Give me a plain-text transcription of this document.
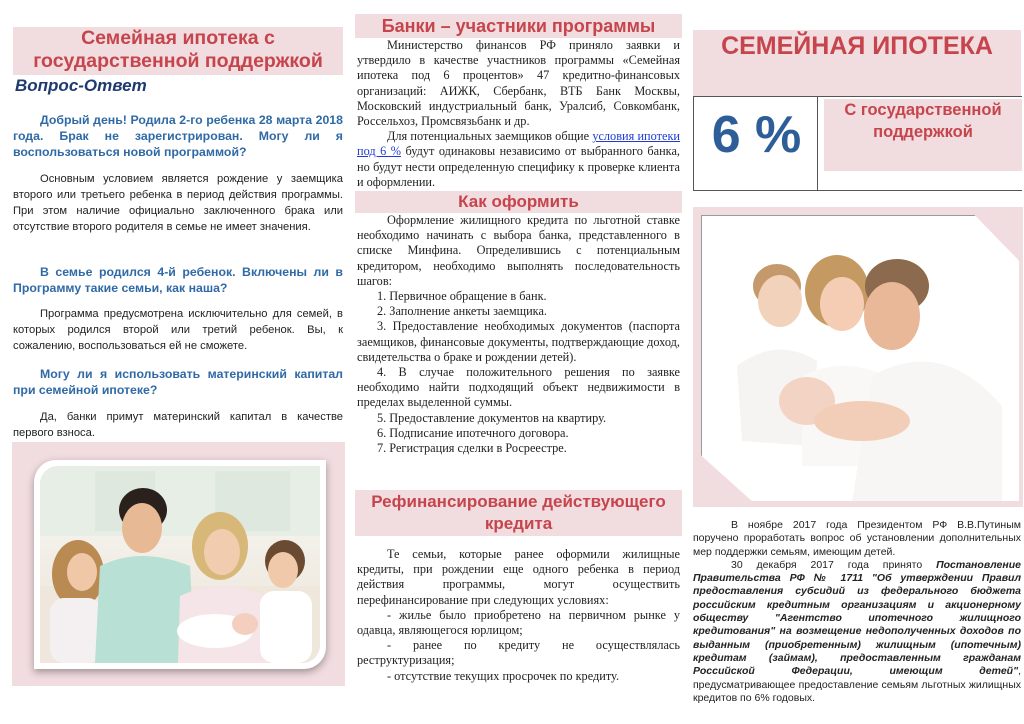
Семейная ипотека с государственной поддержкой
Вопрос-Ответ
Добрый день! Родила 2-го ребенка 28 марта 2018 года. Брак не зарегистрирован. Могу ли я воспользоваться новой программой?
Основным условием является рождение у заемщика второго или третьего ребенка в период действия программы. При этом наличие официально заключенного брака или отсутствие второго родителя в семье не имеет значения.
В семье родился 4-й ребенок. Включены ли в Программу такие семьи, как наша?
Программа предусмотрена исключительно для семей, в которых родился второй или третий ребенок. Вы, к сожалению, воспользоваться ей не сможете.
Могу ли я использовать материнский капитал при семейной ипотеке?
Да, банки примут материнский капитал в качестве первого взноса.
Банки – участники программы

Министерство финансов РФ приняло заявки и утвердило в качестве участников программы «Семейная ипотека под 6 процентов» 47 кредитно-финансовых организаций: АИЖК, Сбербанк, ВТБ Банк Москвы, Московский индустриальный банк, Уралсиб, Совкомбанк, Россельхоз, Промсвязьбанк и др.

Для потенциальных заемщиков общие условия ипотеки под 6 % будут одинаковы независимо от выбранного банка, но будут нести определенную специфику к проверке клиента и оформлении.

Как оформить

Оформление жилищного кредита по льготной ставке необходимо начинать с выбора банка, представленного в списке Минфина. Определившись с потенциальным кредитором, необходимо выполнять последовательность шагов:

1. Первичное обращение в банк.

2. Заполнение анкеты заемщика.

3. Предоставление необходимых документов (паспорта заемщиков, финансовые документы, подтверждающие доход, свидетельства о браке и рождении детей).

4. В случае положительного решения по заявке необходимо найти подходящий объект недвижимости в пределах выделенной суммы.

5. Предоставление документов на квартиру.

6. Подписание ипотечного договора.

7. Регистрация сделки в Росреестре.

Рефинансирование действующего кредита

Те семьи, которые ранее оформили жилищные кредиты, при рождении еще одного ребенка в период действия программы, могут осуществить перефинансирование при следующих условиях:

- жилье было приобретено на первичном рынке у одавца, являющегося юрлицом;

- ранее по кредиту не осуществлялась реструктуризация;

- отсутствие текущих просрочек по кредиту.

СЕМЕЙНАЯ ИПОТЕКА
6 %	С государственной поддержкой

В ноябре 2017 года Президентом РФ В.В.Путиным поручено проработать вопрос об установлении дополнительных мер поддержки семьям, имеющим детей.

30 декабря 2017 года принято Постановление Правительства РФ № 1711 "Об утверждении Правил предоставления субсидий из федерального бюджета российским кредитным организациям и акционерному обществу "Агентство ипотечного жилищного кредитования" на возмещение недополученных доходов по выданным (приобретенным) жилищным (ипотечным) кредитам (займам), предоставленным гражданам Российской Федерации, имеющим детей", предусматривающее предоставление семьям льготных жилищных кредитов по 6% годовых.
